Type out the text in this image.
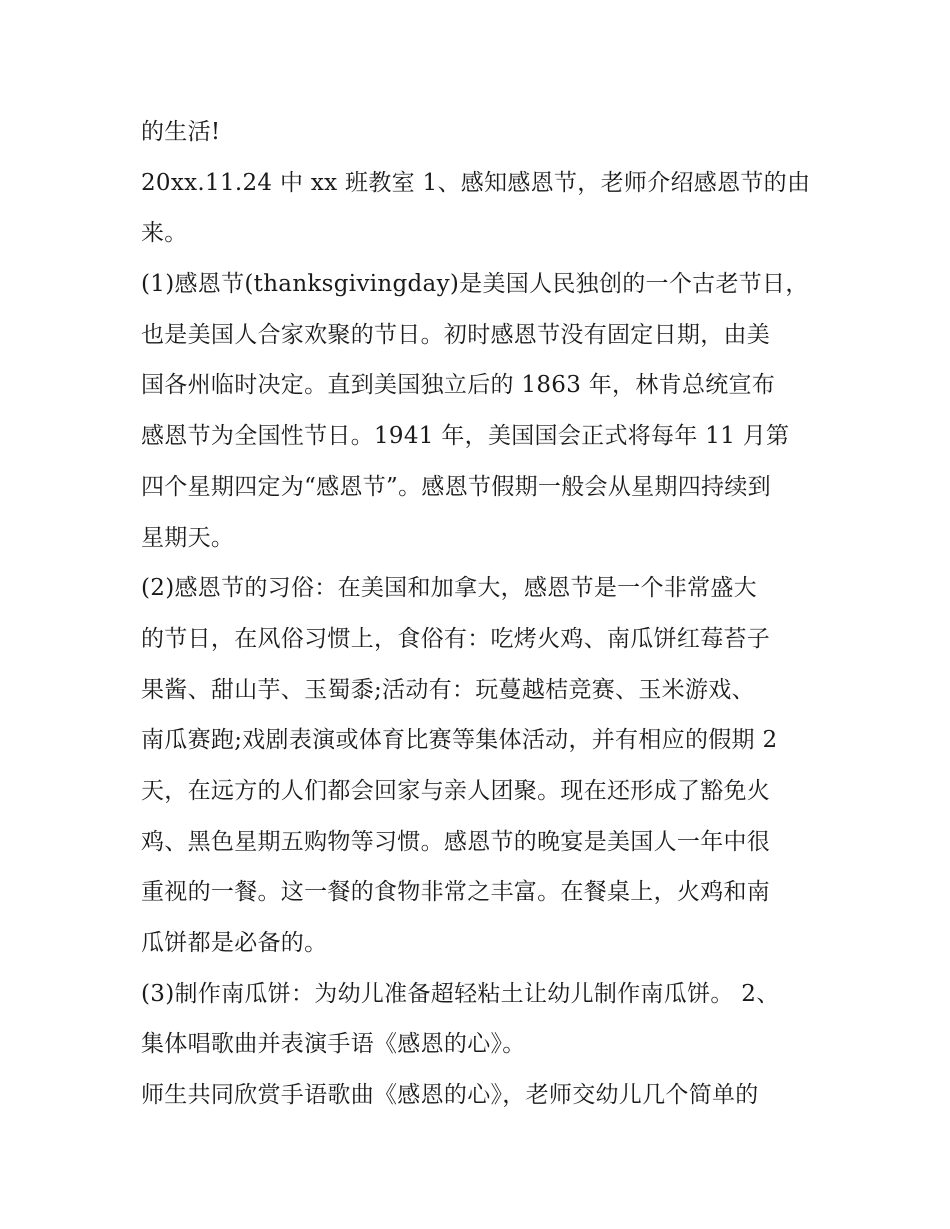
的生活!
20xx.11.24 中 xx 班教室 1、感知感恩节，老师介绍感恩节的由
来。
(1)感恩节(thanksgivingday)是美国人民独创的一个古老节日，
也是美国人合家欢聚的节日。初时感恩节没有固定日期，由美
国各州临时决定。直到美国独立后的 1863 年，林肯总统宣布
感恩节为全国性节日。1941 年，美国国会正式将每年 11 月第
四个星期四定为“感恩节”。感恩节假期一般会从星期四持续到
星期天。
(2)感恩节的习俗：在美国和加拿大，感恩节是一个非常盛大
的节日，在风俗习惯上，食俗有：吃烤火鸡、南瓜饼红莓苔子
果酱、甜山芋、玉蜀黍;活动有：玩蔓越桔竞赛、玉米游戏、
南瓜赛跑;戏剧表演或体育比赛等集体活动，并有相应的假期 2
天，在远方的人们都会回家与亲人团聚。现在还形成了豁免火
鸡、黑色星期五购物等习惯。感恩节的晚宴是美国人一年中很
重视的一餐。这一餐的食物非常之丰富。在餐桌上，火鸡和南
瓜饼都是必备的。
(3)制作南瓜饼：为幼儿准备超轻粘土让幼儿制作南瓜饼。 2、
集体唱歌曲并表演手语《感恩的心》。
师生共同欣赏手语歌曲《感恩的心》，老师交幼儿几个简单的
